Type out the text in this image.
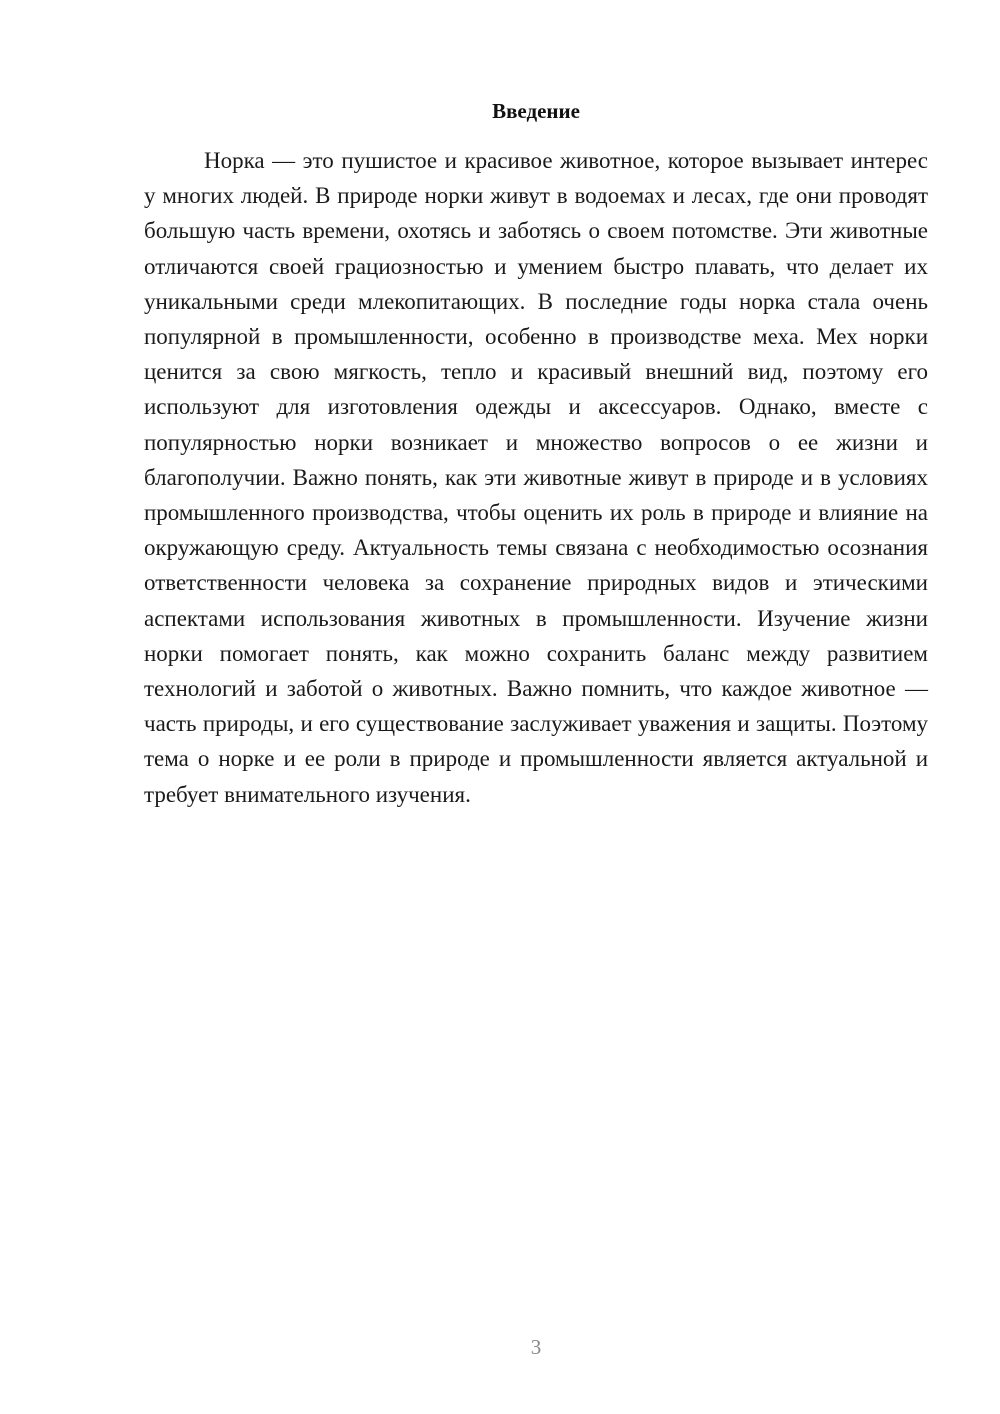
Введение

Норка — это пушистое и красивое животное, которое вызывает интерес у многих людей. В природе норки живут в водоемах и лесах, где они проводят большую часть времени, охотясь и заботясь о своем потомстве. Эти животные отличаются своей грациозностью и умением быстро плавать, что делает их уникальными среди млекопитающих. В последние годы норка стала очень популярной в промышленности, особенно в производстве меха. Мех норки ценится за свою мягкость, тепло и красивый внешний вид, поэтому его используют для изготовления одежды и аксессуаров. Однако, вместе с популярностью норки возникает и множество вопросов о ее жизни и благополучии. Важно понять, как эти животные живут в природе и в условиях промышленного производства, чтобы оценить их роль в природе и влияние на окружающую среду. Актуальность темы связана с необходимостью осознания ответственности человека за сохранение природных видов и этическими аспектами использования животных в промышленности. Изучение жизни норки помогает понять, как можно сохранить баланс между развитием технологий и заботой о животных. Важно помнить, что каждое животное — часть природы, и его существование заслуживает уважения и защиты. Поэтому тема о норке и ее роли в природе и промышленности является актуальной и требует внимательного изучения.

3
